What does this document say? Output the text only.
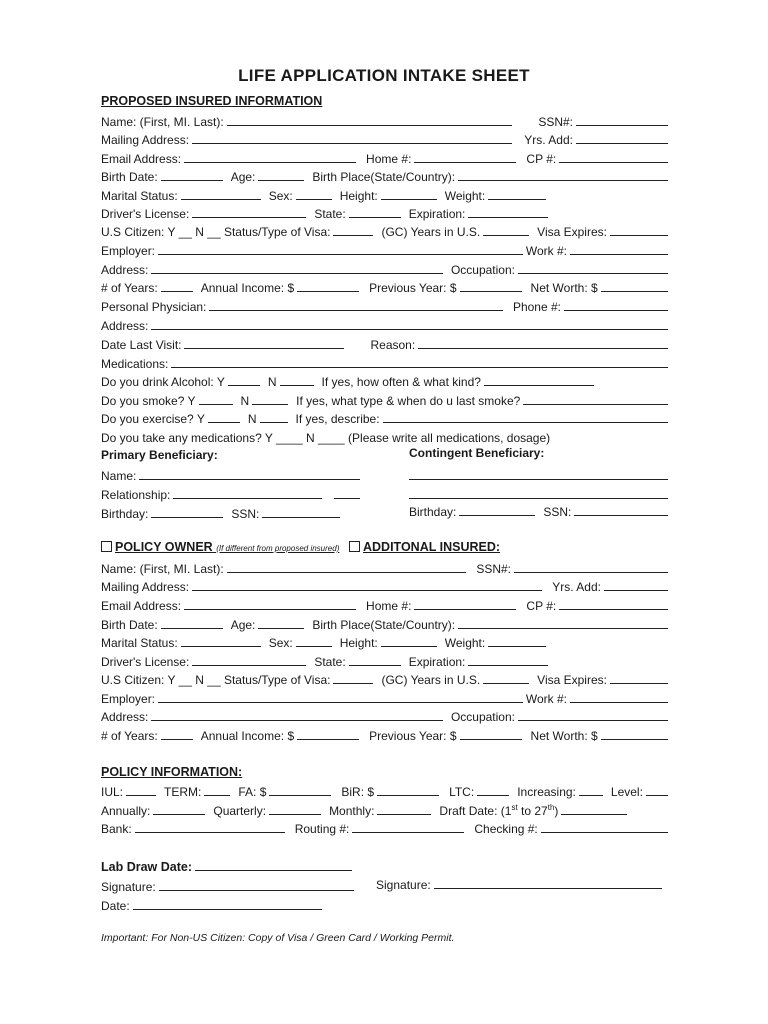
LIFE APPLICATION INTAKE SHEET
PROPOSED INSURED INFORMATION
Name: (First, MI. Last):	SSN#:
Mailing Address:	Yrs. Add:
Email Address:	Home #:	CP #:
Birth Date:	Age:	Birth Place(State/Country):
Marital Status:	Sex:	Height:	Weight:
Driver's License:	State:	Expiration:
U.S Citizen: Y __ N __ Status/Type of Visa:	(GC) Years in U.S.	Visa Expires:
Employer:	Work #:
Address:	Occupation:
# of Years:	Annual Income: $	Previous Year: $	Net Worth: $
Personal Physician:	Phone #:
Address:
Date Last Visit:	Reason:
Medications:
Do you drink Alcohol: Y	N	If yes, how often & what kind?
Do you smoke? Y	N	If yes, what type & when do u last smoke?
Do you exercise? Y	N	If yes, describe:
Do you take any medications? Y ____ N ____ (Please write all medications, dosage)
Primary Beneficiary:	Contingent Beneficiary:
Name:
Relationship:
Birthday:	SSN:	Birthday:	SSN:
POLICY OWNER (If different from proposed insured)	ADDITONAL INSURED:
Name: (First, MI. Last):	SSN#:
Mailing Address:	Yrs. Add:
Email Address:	Home #:	CP #:
Birth Date:	Age:	Birth Place(State/Country):
Marital Status:	Sex:	Height:	Weight:
Driver's License:	State:	Expiration:
U.S Citizen: Y __ N __ Status/Type of Visa:	(GC) Years in U.S.	Visa Expires:
Employer:	Work #:
Address:	Occupation:
# of Years:	Annual Income: $	Previous Year: $	Net Worth: $
POLICY INFORMATION:
IUL:	TERM:	FA: $	BiR: $	LTC:	Increasing:	Level:
Annually:	Quarterly:	Monthly:	Draft Date: (1st to 27th)
Bank:	Routing #:	Checking #:
Lab Draw Date:
Signature:	Signature:
Date:
Important: For Non-US Citizen: Copy of Visa / Green Card / Working Permit.
